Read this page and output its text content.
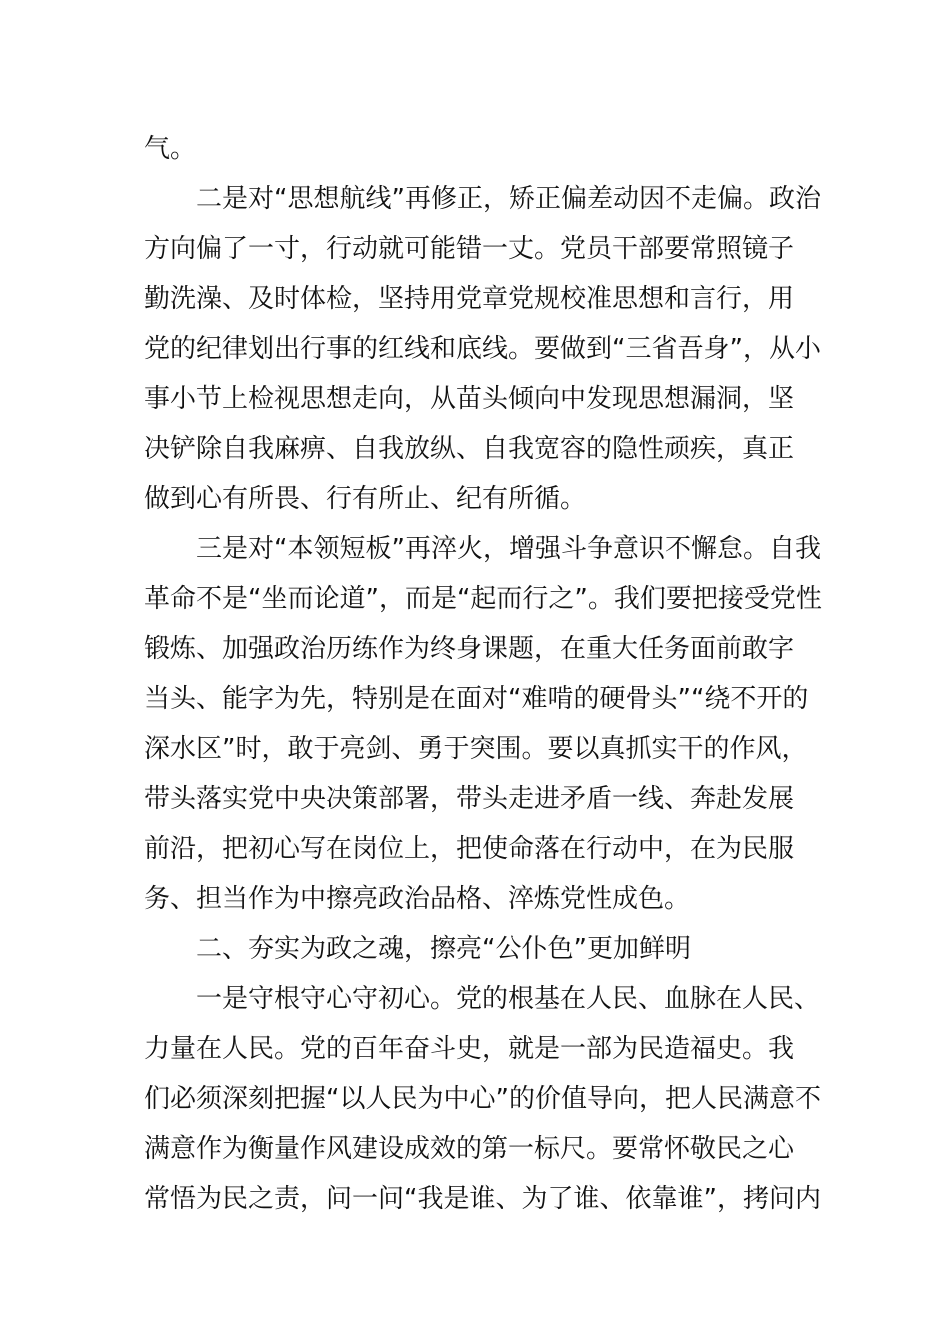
气。
二是对“思想航线”再修正，矫正偏差动因不走偏。政治
方向偏了一寸，行动就可能错一丈。党员干部要常照镜子
勤洗澡、及时体检，坚持用党章党规校准思想和言行，用
党的纪律划出行事的红线和底线。要做到“三省吾身”，从小
事小节上检视思想走向，从苗头倾向中发现思想漏洞，坚
决铲除自我麻痹、自我放纵、自我宽容的隐性顽疾，真正
做到心有所畏、行有所止、纪有所循。
三是对“本领短板”再淬火，增强斗争意识不懈怠。自我
革命不是“坐而论道”，而是“起而行之”。我们要把接受党性
锻炼、加强政治历练作为终身课题，在重大任务面前敢字
当头、能字为先，特别是在面对“难啃的硬骨头”“绕不开的
深水区”时，敢于亮剑、勇于突围。要以真抓实干的作风，
带头落实党中央决策部署，带头走进矛盾一线、奔赴发展
前沿，把初心写在岗位上，把使命落在行动中，在为民服
务、担当作为中擦亮政治品格、淬炼党性成色。
二、夯实为政之魂，擦亮“公仆色”更加鲜明
一是守根守心守初心。党的根基在人民、血脉在人民、
力量在人民。党的百年奋斗史，就是一部为民造福史。我
们必须深刻把握“以人民为中心”的价值导向，把人民满意不
满意作为衡量作风建设成效的第一标尺。要常怀敬民之心
常悟为民之责，问一问“我是谁、为了谁、依靠谁”，拷问内
